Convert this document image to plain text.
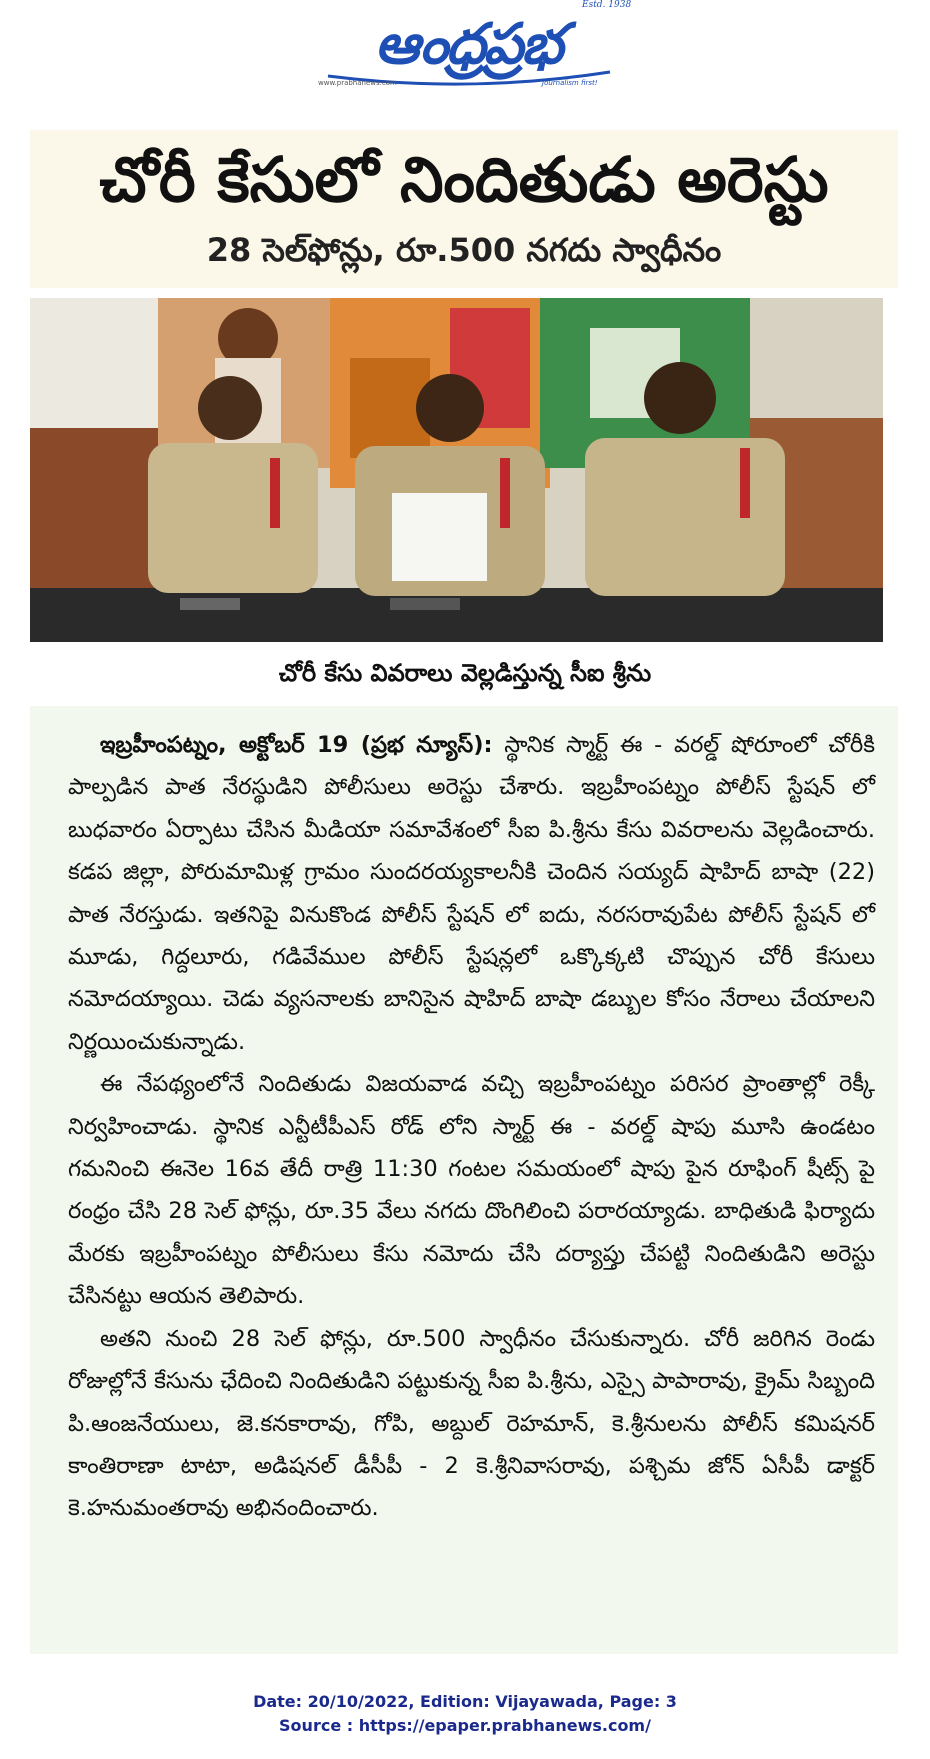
ఆంధ్రప్రభ
Estd. 1938
www.prabhanews.com	Journalism first!
చోరీ కేసులో నిందితుడు అరెస్టు
28 సెల్‌ఫోన్లు, రూ.500 నగదు స్వాధీనం
చోరీ కేసు వివరాలు వెల్లడిస్తున్న సీఐ శ్రీను

ఇబ్రహీంపట్నం, అక్టోబర్ 19 (ప్రభ న్యూస్): స్థానిక స్మార్ట్ ఈ - వరల్డ్ షోరూంలో చోరీకి పాల్పడిన పాత నేరస్థుడిని పోలీసులు అరెస్టు చేశారు. ఇబ్రహీంపట్నం పోలీస్ స్టేషన్ లో బుధవారం ఏర్పాటు చేసిన మీడియా సమావేశంలో సీఐ పి.శ్రీను కేసు వివరాలను వెల్లడించారు. కడప జిల్లా, పోరుమామిళ్ల గ్రామం సుందరయ్యకాలనీకి చెందిన సయ్యద్ షాహిద్ బాషా (22) పాత నేరస్తుడు. ఇతనిపై వినుకొండ పోలీస్ స్టేషన్ లో ఐదు, నరసరావుపేట పోలీస్ స్టేషన్ లో మూడు, గిద్దలూరు, గడివేముల పోలీస్ స్టేషన్లలో ఒక్కొక్కటి చొప్పున చోరీ కేసులు నమోదయ్యాయి. చెడు వ్యసనాలకు బానిసైన షాహిద్ బాషా డబ్బుల కోసం నేరాలు చేయాలని నిర్ణయించుకున్నాడు.

ఈ నేపథ్యంలోనే నిందితుడు విజయవాడ వచ్చి ఇబ్రహీంపట్నం పరిసర ప్రాంతాల్లో రెక్కీ నిర్వహించాడు. స్థానిక ఎన్టీటీపీఎస్ రోడ్ లోని స్మార్ట్ ఈ - వరల్డ్ షాపు మూసి ఉండటం గమనించి ఈనెల 16వ తేదీ రాత్రి 11:30 గంటల సమయంలో షాపు పైన రూఫింగ్ షీట్స్ పై రంధ్రం చేసి 28 సెల్ ఫోన్లు, రూ.35 వేలు నగదు దొంగిలించి పరారయ్యాడు. బాధితుడి ఫిర్యాదు మేరకు ఇబ్రహీంపట్నం పోలీసులు కేసు నమోదు చేసి దర్యాప్తు చేపట్టి నిందితుడిని అరెస్టు చేసినట్టు ఆయన తెలిపారు.

అతని నుంచి 28 సెల్ ఫోన్లు, రూ.500 స్వాధీనం చేసుకున్నారు. చోరీ జరిగిన రెండు రోజుల్లోనే కేసును ఛేదించి నిందితుడిని పట్టుకున్న సీఐ పి.శ్రీను, ఎస్సై పాపారావు, క్రైమ్ సిబ్బంది పి.ఆంజనేయులు, జె.కనకారావు, గోపి, అబ్దుల్ రెహమాన్, కె.శ్రీనులను పోలీస్ కమిషనర్ కాంతిరాణా టాటా, అడిషనల్ డీసీపీ - 2 కె.శ్రీనివాసరావు, పశ్చిమ జోన్ ఏసీపీ డాక్టర్ కె.హనుమంతరావు అభినందించారు.

Date: 20/10/2022, Edition: Vijayawada, Page: 3
Source : https://epaper.prabhanews.com/
